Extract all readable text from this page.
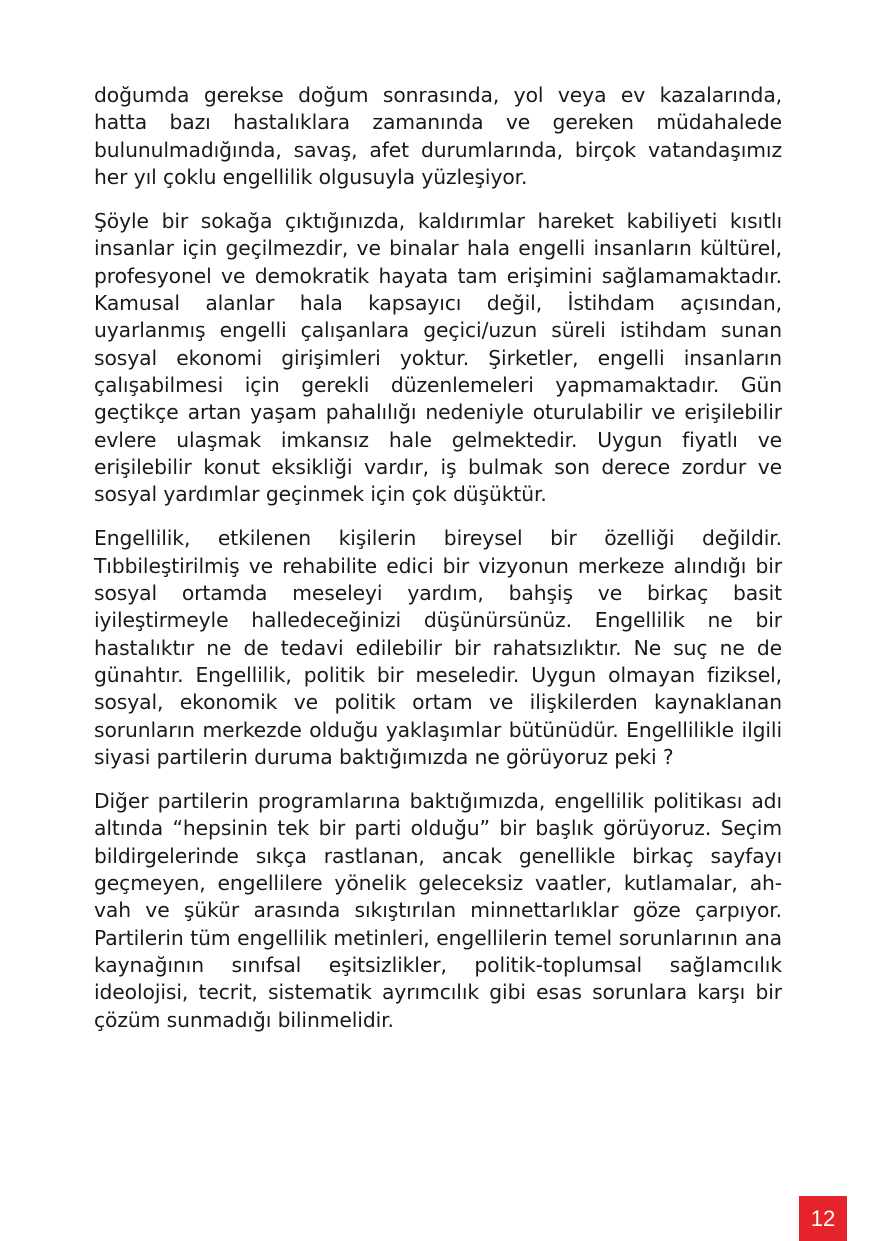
doğumda gerekse doğum sonrasında, yol veya ev kazalarında, hatta bazı hastalıklara zamanında ve gereken müdahalede bulunulmadığında, savaş, afet durumlarında, birçok vatandaşımız her yıl çoklu engellilik olgusuyla yüzleşiyor.

Şöyle bir sokağa çıktığınızda, kaldırımlar hareket kabiliyeti kısıtlı insanlar için geçilmezdir, ve binalar hala engelli insanların kültürel, profesyonel ve demokratik hayata tam erişimini sağlamamaktadır. Kamusal alanlar hala kapsayıcı değil, İstihdam açısından, uyarlanmış engelli çalışanlara geçici/uzun süreli istihdam sunan sosyal ekonomi girişimleri yoktur. Şirketler, engelli insanların çalışabilmesi için gerekli düzenlemeleri yapmamaktadır. Gün geçtikçe artan yaşam pahalılığı nedeniyle oturulabilir ve erişilebilir evlere ulaşmak imkansız hale gelmektedir. Uygun fiyatlı ve erişilebilir konut eksikliği vardır, iş bulmak son derece zordur ve sosyal yardımlar geçinmek için çok düşüktür.

Engellilik, etkilenen kişilerin bireysel bir özelliği değildir. Tıbbileştirilmiş ve rehabilite edici bir vizyonun merkeze alındığı bir sosyal ortamda meseleyi yardım, bahşiş ve birkaç basit iyileştirmeyle halledeceğinizi düşünürsünüz. Engellilik ne bir hastalıktır ne de tedavi edilebilir bir rahatsızlıktır. Ne suç ne de günahtır. Engellilik, politik bir meseledir. Uygun olmayan fiziksel, sosyal, ekonomik ve politik ortam ve ilişkilerden kaynaklanan sorunların merkezde olduğu yaklaşımlar bütünüdür. Engellilikle ilgili siyasi partilerin duruma baktığımızda ne görüyoruz peki ?

Diğer partilerin programlarına baktığımızda, engellilik politikası adı altında “hepsinin tek bir parti olduğu” bir başlık görüyoruz. Seçim bildirgelerinde sıkça rastlanan, ancak genellikle birkaç sayfayı geçmeyen, engellilere yönelik geleceksiz vaatler, kutlamalar, ah-vah ve şükür arasında sıkıştırılan minnettarlıklar göze çarpıyor. Partilerin tüm engellilik metinleri, engellilerin temel sorunlarının ana kaynağının sınıfsal eşitsizlikler, politik-toplumsal sağlamcılık ideolojisi, tecrit, sistematik ayrımcılık gibi esas sorunlara karşı bir çözüm sunmadığı bilinmelidir.

12
